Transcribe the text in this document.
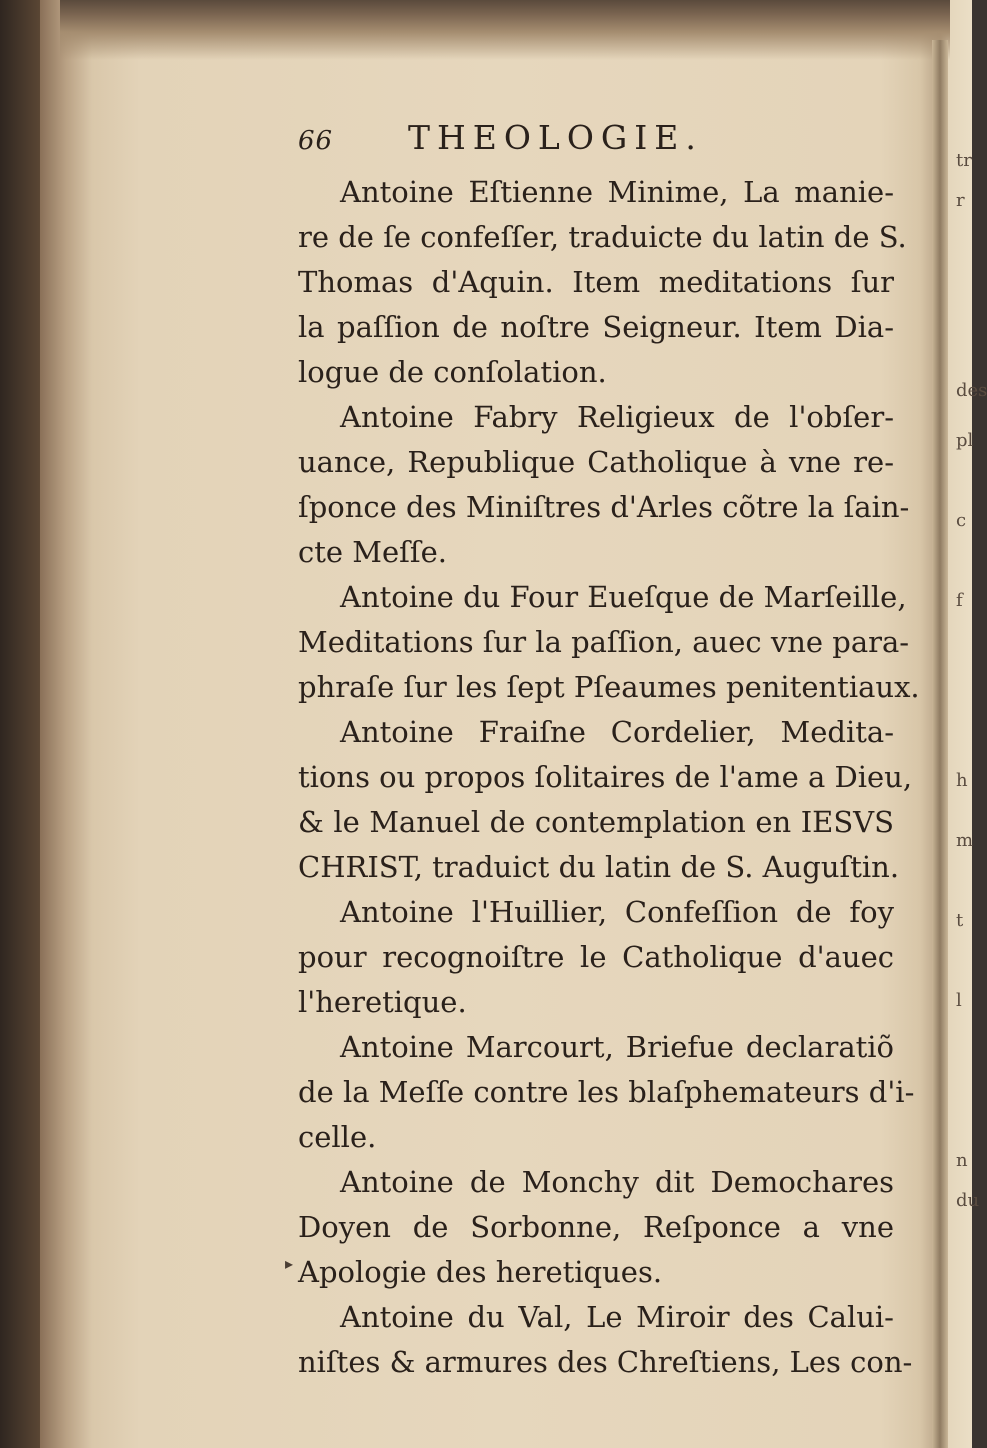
66	THEOLOGIE.

Antoine Eſtienne Minime, La manie-
re de ſe confeſſer, traduicte du latin de S.
Thomas d'Aquin. Item meditations ſur
la paſſion de noſtre Seigneur. Item Dia-
logue de conſolation.

Antoine Fabry Religieux de l'obſer-
uance, Republique Catholique à vne re-
ſponce des Miniſtres d'Arles cõtre la ſain-
cte Meſſe.

Antoine du Four Eueſque de Marſeille,
Meditations ſur la paſſion, auec vne para-
phraſe ſur les ſept Pſeaumes penitentiaux.

Antoine Fraiſne Cordelier, Medita-
tions ou propos ſolitaires de l'ame a Dieu,
& le Manuel de contemplation en IESVS
CHRIST, traduict du latin de S. Auguſtin.

Antoine l'Huillier, Confeſſion de foy
pour recognoiſtre le Catholique d'auec
l'heretique.

Antoine Marcourt, Briefue declaratiõ
de la Meſſe contre les blaſphemateurs d'i-
celle.

Antoine de Monchy dit Demochares
Doyen de Sorbonne, Reſponce a vne
Apologie des heretiques.

Antoine du Val, Le Miroir des Calui-
niſtes & armures des Chreſtiens, Les con-

tr
r
des
pl
c
f
h
m
t
l
n
du
▸
